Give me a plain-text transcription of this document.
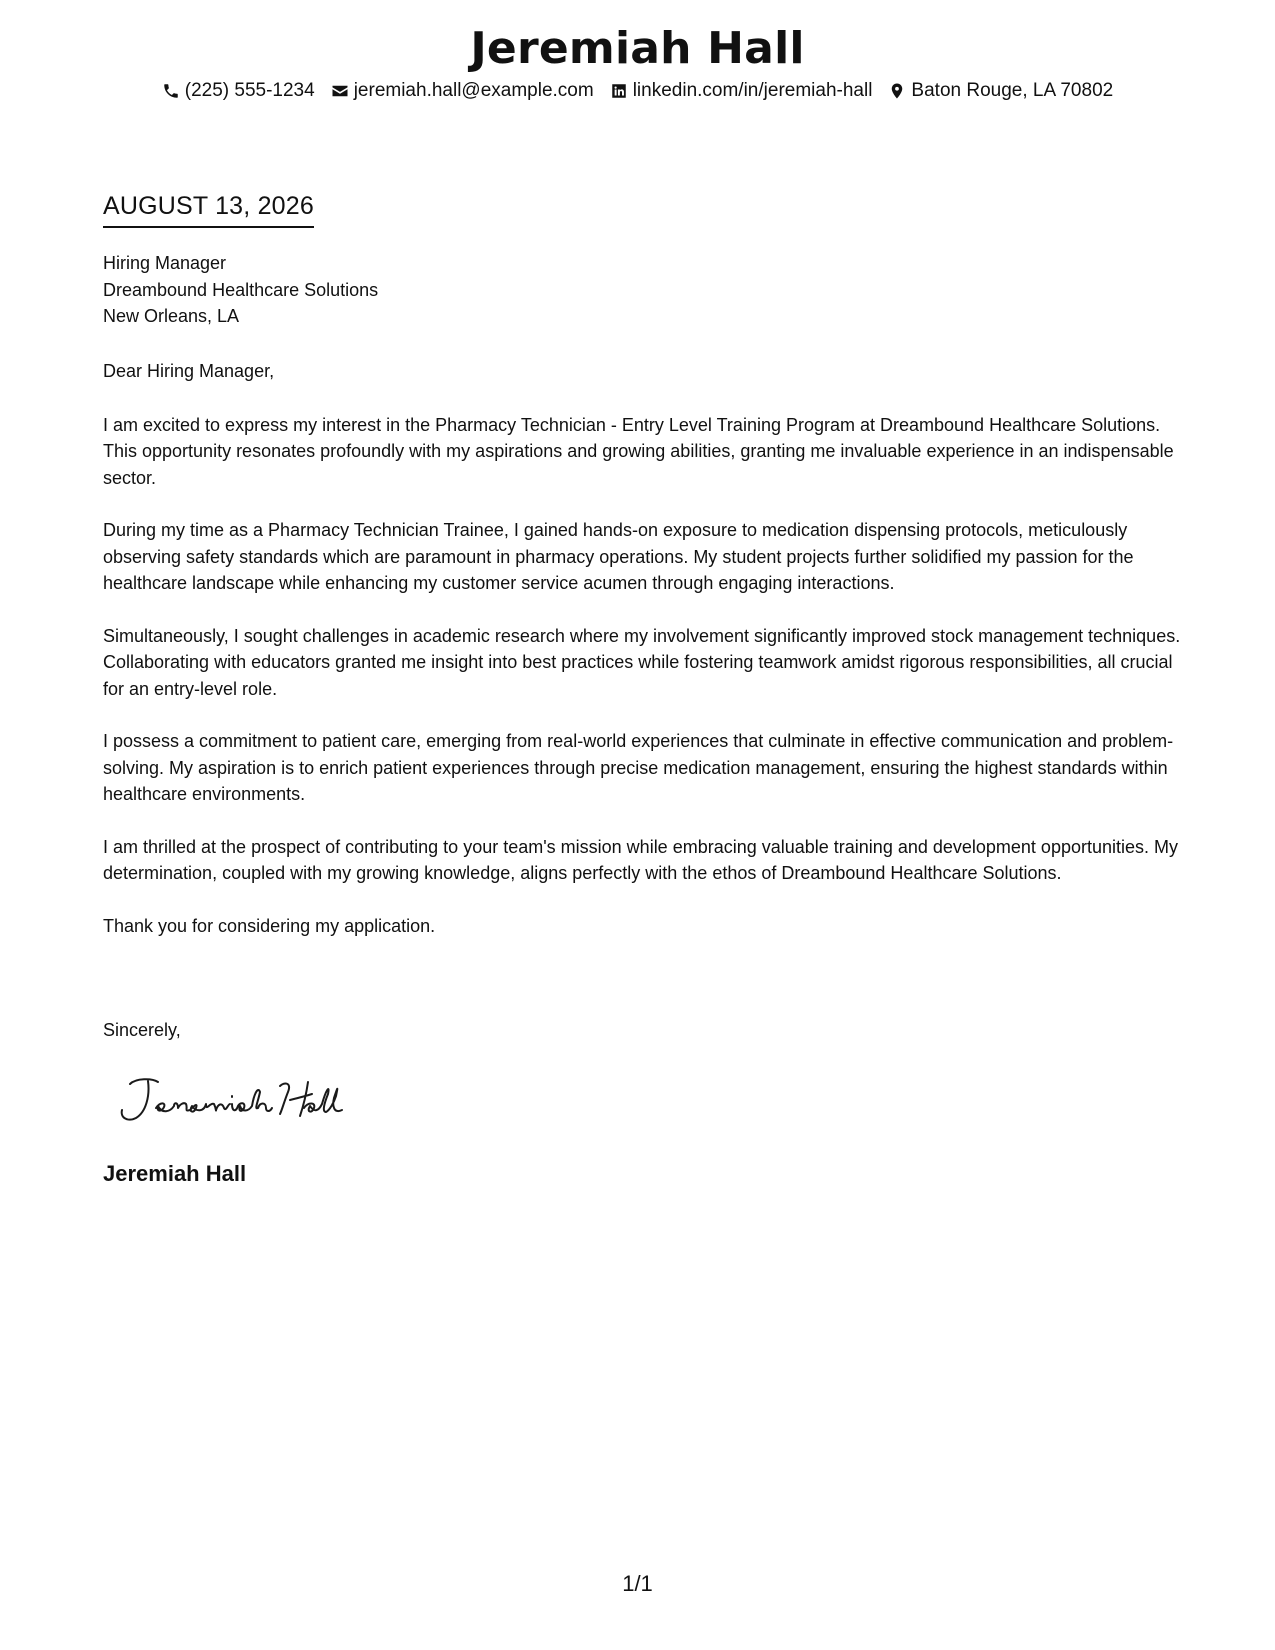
Jeremiah Hall
(225) 555-1234 jeremiah.hall@example.com linkedin.com/in/jeremiah-hall Baton Rouge, LA 70802
AUGUST 13, 2026
Hiring Manager
Dreambound Healthcare Solutions
New Orleans, LA

Dear Hiring Manager,

I am excited to express my interest in the Pharmacy Technician - Entry Level Training Program at Dreambound Healthcare Solutions. This opportunity resonates profoundly with my aspirations and growing abilities, granting me invaluable experience in an indispensable sector.

During my time as a Pharmacy Technician Trainee, I gained hands-on exposure to medication dispensing protocols, meticulously observing safety standards which are paramount in pharmacy operations. My student projects further solidified my passion for the healthcare landscape while enhancing my customer service acumen through engaging interactions.

Simultaneously, I sought challenges in academic research where my involvement significantly improved stock management techniques. Collaborating with educators granted me insight into best practices while fostering teamwork amidst rigorous responsibilities, all crucial for an entry-level role.

I possess a commitment to patient care, emerging from real-world experiences that culminate in effective communication and problem-solving. My aspiration is to enrich patient experiences through precise medication management, ensuring the highest standards within healthcare environments.

I am thrilled at the prospect of contributing to your team's mission while embracing valuable training and development opportunities. My determination, coupled with my growing knowledge, aligns perfectly with the ethos of Dreambound Healthcare Solutions.

Thank you for considering my application.

Sincerely,
Jeremiah Hall
1/1
